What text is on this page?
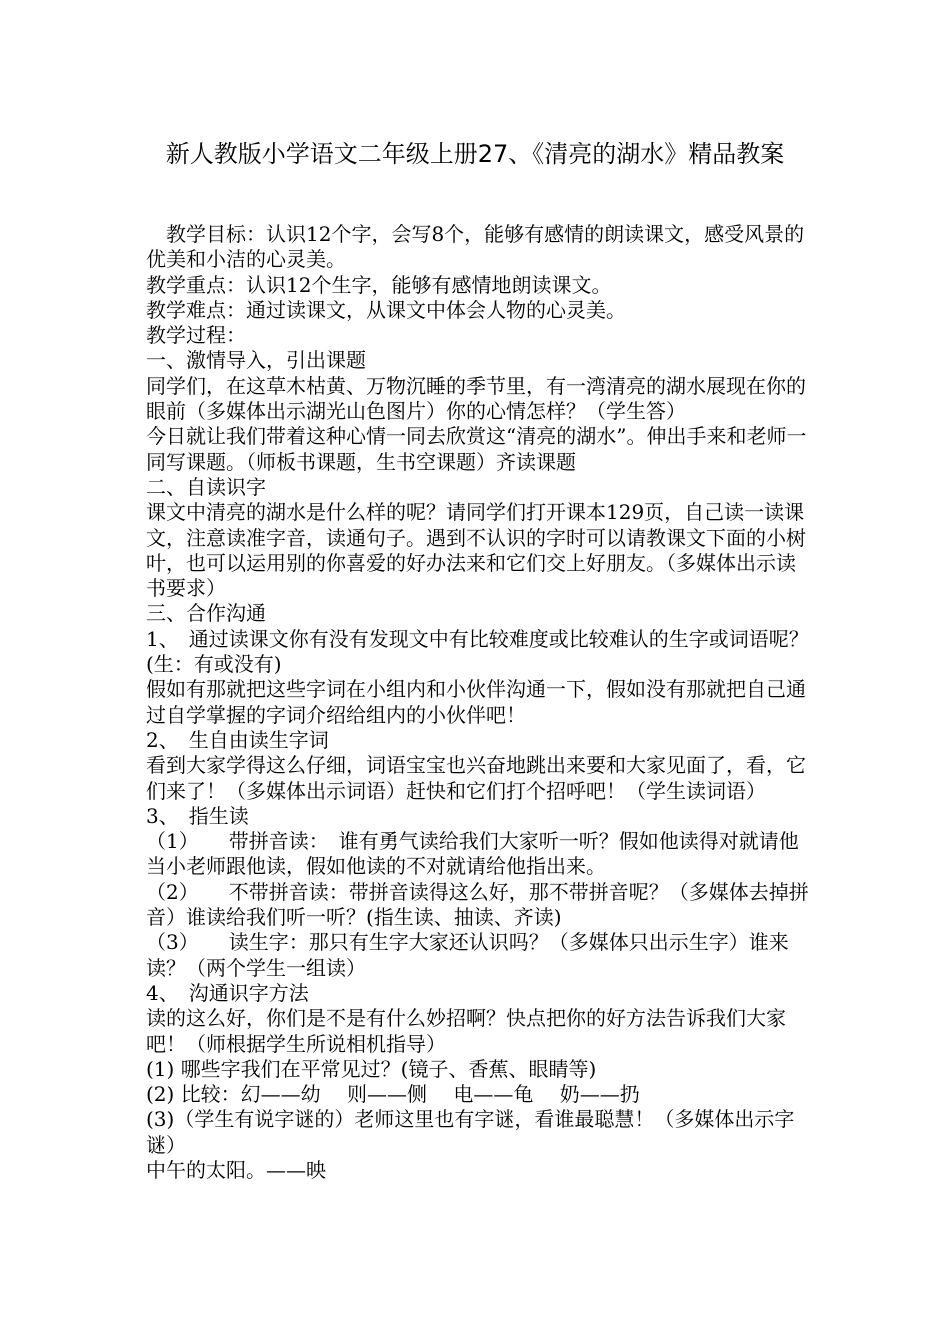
新人教版小学语文二年级上册27、《清亮的湖水》精品教案

教学目标：认识12个字，会写8个，能够有感情的朗读课文，感受风景的优美和小洁的心灵美。

教学重点：认识12个生字，能够有感情地朗读课文。

教学难点：通过读课文，从课文中体会人物的心灵美。

教学过程：

一、激情导入，引出课题

同学们，在这草木枯黄、万物沉睡的季节里，有一湾清亮的湖水展现在你的眼前（多媒体出示湖光山色图片）你的心情怎样？（学生答）

今日就让我们带着这种心情一同去欣赏这“清亮的湖水”。伸出手来和老师一同写课题。（师板书课题，生书空课题）齐读课题

二、自读识字

课文中清亮的湖水是什么样的呢？请同学们打开课本129页，自己读一读课文，注意读准字音，读通句子。遇到不认识的字时可以请教课文下面的小树叶，也可以运用别的你喜爱的好办法来和它们交上好朋友。（多媒体出示读书要求）

三、合作沟通

1、　通过读课文你有没有发现文中有比较难度或比较难认的生字或词语呢？(生：有或没有)

假如有那就把这些字词在小组内和小伙伴沟通一下，假如没有那就把自己通过自学掌握的字词介绍给组内的小伙伴吧！

2、　生自由读生字词

看到大家学得这么仔细，词语宝宝也兴奋地跳出来要和大家见面了，看，它们来了！（多媒体出示词语）赶快和它们打个招呼吧！（学生读词语）

3、　指生读

（1）　　带拼音读：　谁有勇气读给我们大家听一听？假如他读得对就请他当小老师跟他读，假如他读的不对就请给他指出来。

（2）　　不带拼音读：带拼音读得这么好，那不带拼音呢？（多媒体去掉拼音）谁读给我们听一听？(指生读、抽读、齐读)

（3）　　读生字：那只有生字大家还认识吗？（多媒体只出示生字）谁来读？（两个学生一组读）

4、　沟通识字方法

读的这么好，你们是不是有什么妙招啊？快点把你的好方法告诉我们大家吧！（师根据学生所说相机指导）

(1) 哪些字我们在平常见过？(镜子、香蕉、眼睛等)

(2) 比较：幻——幼　 则——侧　 电——龟　 奶——扔

(3)（学生有说字谜的）老师这里也有字谜，看谁最聪慧！（多媒体出示字谜）

中午的太阳。——映
